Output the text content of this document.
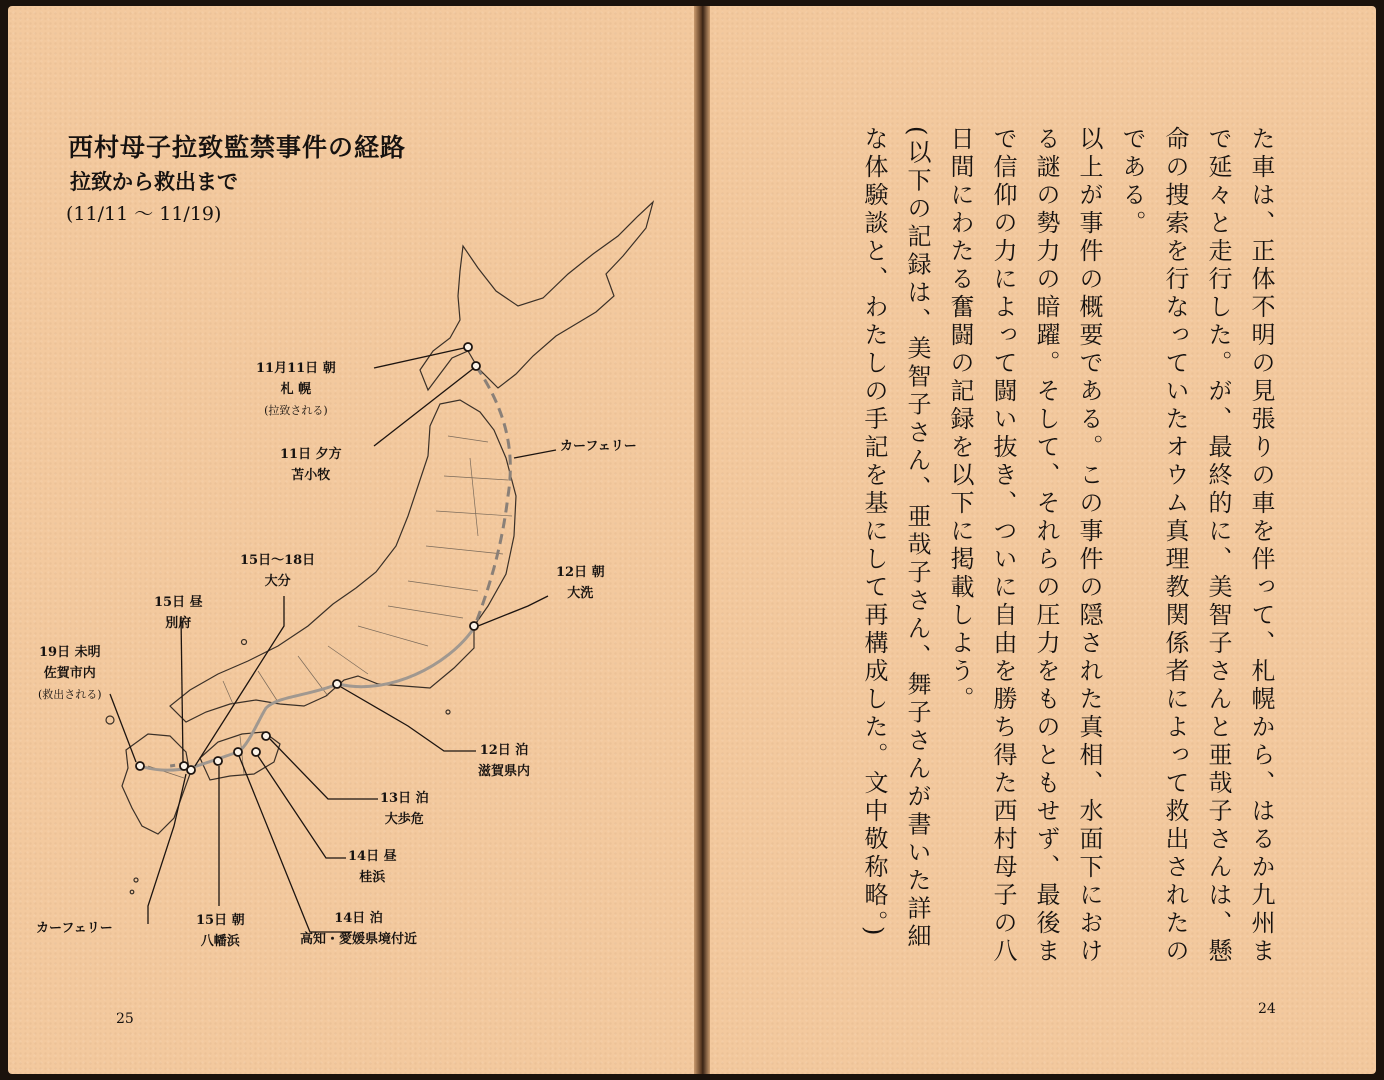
西村母子拉致監禁事件の経路
拉致から救出まで
(11/11 〜 11/19)
11月11日 朝
札 幌
(拉致される)
11日 夕方
苫小牧
カーフェリー
12日 朝
大洗
15日〜18日
大分
15日 昼
別府
19日 未明
佐賀市内
(救出される)
12日 泊
滋賀県内
13日 泊
大歩危
14日 昼
桂浜
14日 泊
高知・愛媛県境付近
15日 朝
八幡浜
カーフェリー
25

た車は、正体不明の見張りの車を伴って、札幌から、はるか九州まで延々と走行した。が、最終的に、美智子さんと亜哉子さんは、懸命の捜索を行なっていたオウム真理教関係者によって救出されたのである。

以上が事件の概要である。この事件の隠された真相、水面下における謎の勢力の暗躍。そして、それらの圧力をものともせず、最後まで信仰の力によって闘い抜き、ついに自由を勝ち得た西村母子の八日間にわたる奮闘の記録を以下に掲載しよう。

(以下の記録は、美智子さん、亜哉子さん、舞子さんが書いた詳細な体験談と、わたしの手記を基にして再構成した。文中敬称略。)

24
